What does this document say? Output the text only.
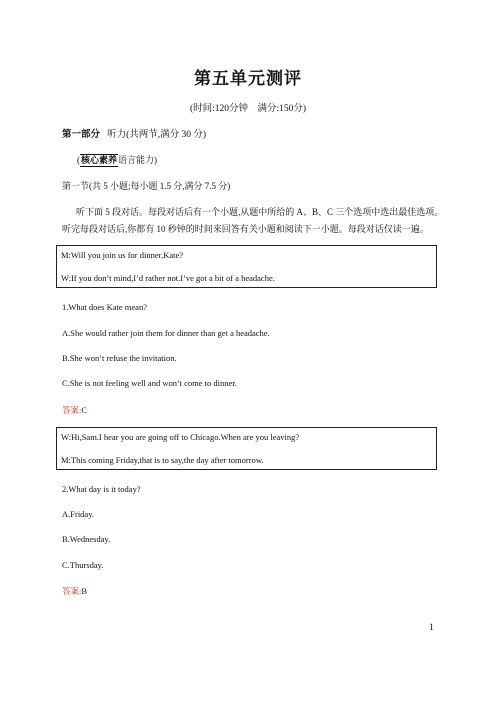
第五单元测评
(时间:120分钟　满分:150分)
第一部分 听力(共两节,满分 30 分)
(核心素养语言能力)
第一节(共 5 小题;每小题 1.5 分,满分 7.5 分)
听下面 5 段对话。每段对话后有一个小题,从题中所给的 A、B、C 三个选项中选出最佳选项。
听完每段对话后,你都有 10 秒钟的时间来回答有关小题和阅读下一小题。每段对话仅读一遍。
M:Will you join us for dinner,Kate?
W:If you don’t mind,I’d rather not.I’ve got a bit of a headache.
1.What does Kate mean?
A.She would rather join them for dinner than get a headache.
B.She won’t refuse the invitation.
C.She is not feeling well and won’t come to dinner.
答案:C
W:Hi,Sam.I hear you are going off to Chicago.When are you leaving?
M:This coming Friday,that is to say,the day after tomorrow.
2.What day is it today?
A.Friday.
B.Wednesday.
C.Thursday.
答案:B
1
